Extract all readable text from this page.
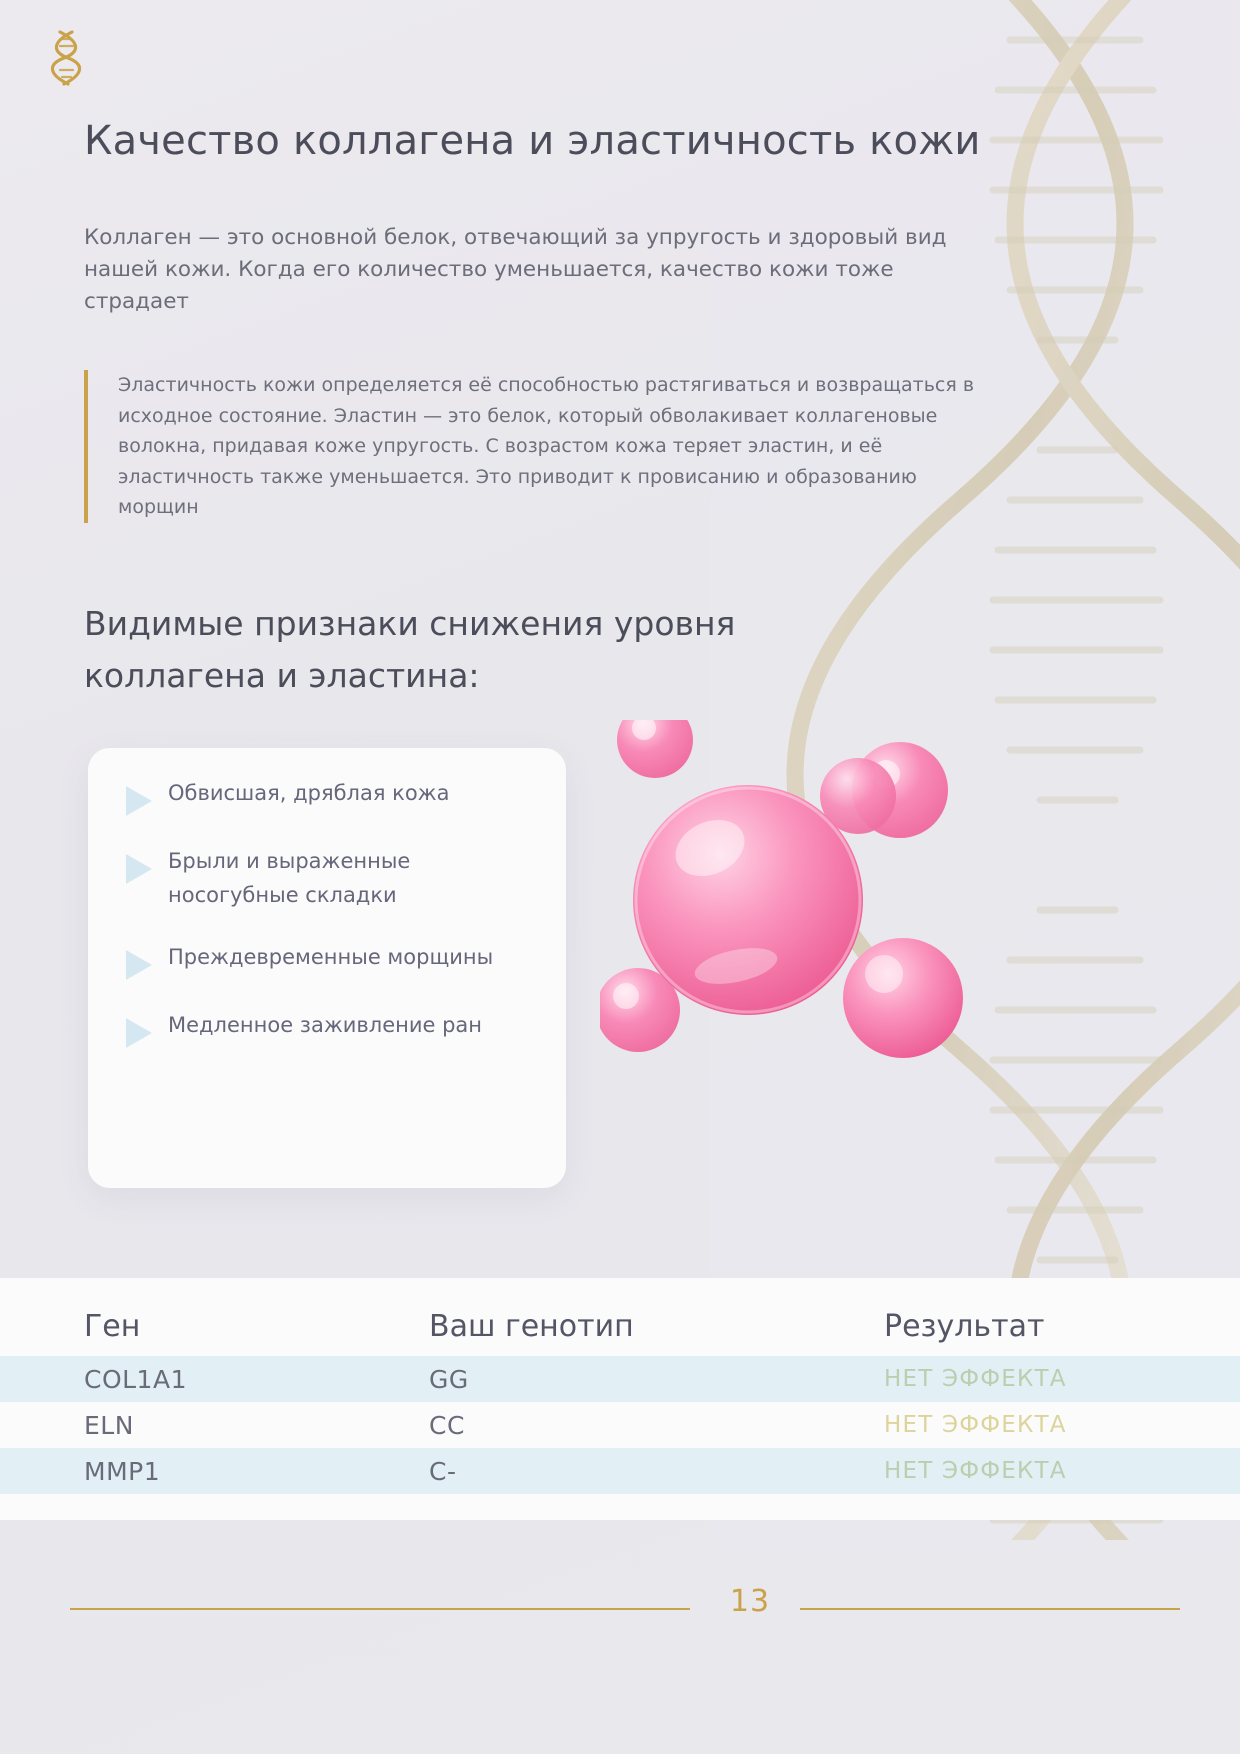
Качество коллагена и эластичность кожи
Коллаген — это основной белок, отвечающий за упругость и здоровый вид нашей кожи. Когда его количество уменьшается, качество кожи тоже страдает
Эластичность кожи определяется её способностью растягиваться и возвращаться в исходное состояние. Эластин — это белок, который обволакивает коллагеновые волокна, придавая коже упругость. С возрастом кожа теряет эластин, и её эластичность также уменьшается. Это приводит к провисанию и образованию морщин
Видимые признаки снижения уровня коллагена и эластина:
Обвисшая, дряблая кожа
Брыли и выраженные носогубные складки
Преждевременные морщины
Медленное заживление ран
Ген	Ваш генотип	Результат
COL1A1	GG	НЕТ ЭФФЕКТА
ELN	CC	НЕТ ЭФФЕКТА
MMP1	C-	НЕТ ЭФФЕКТА
13
